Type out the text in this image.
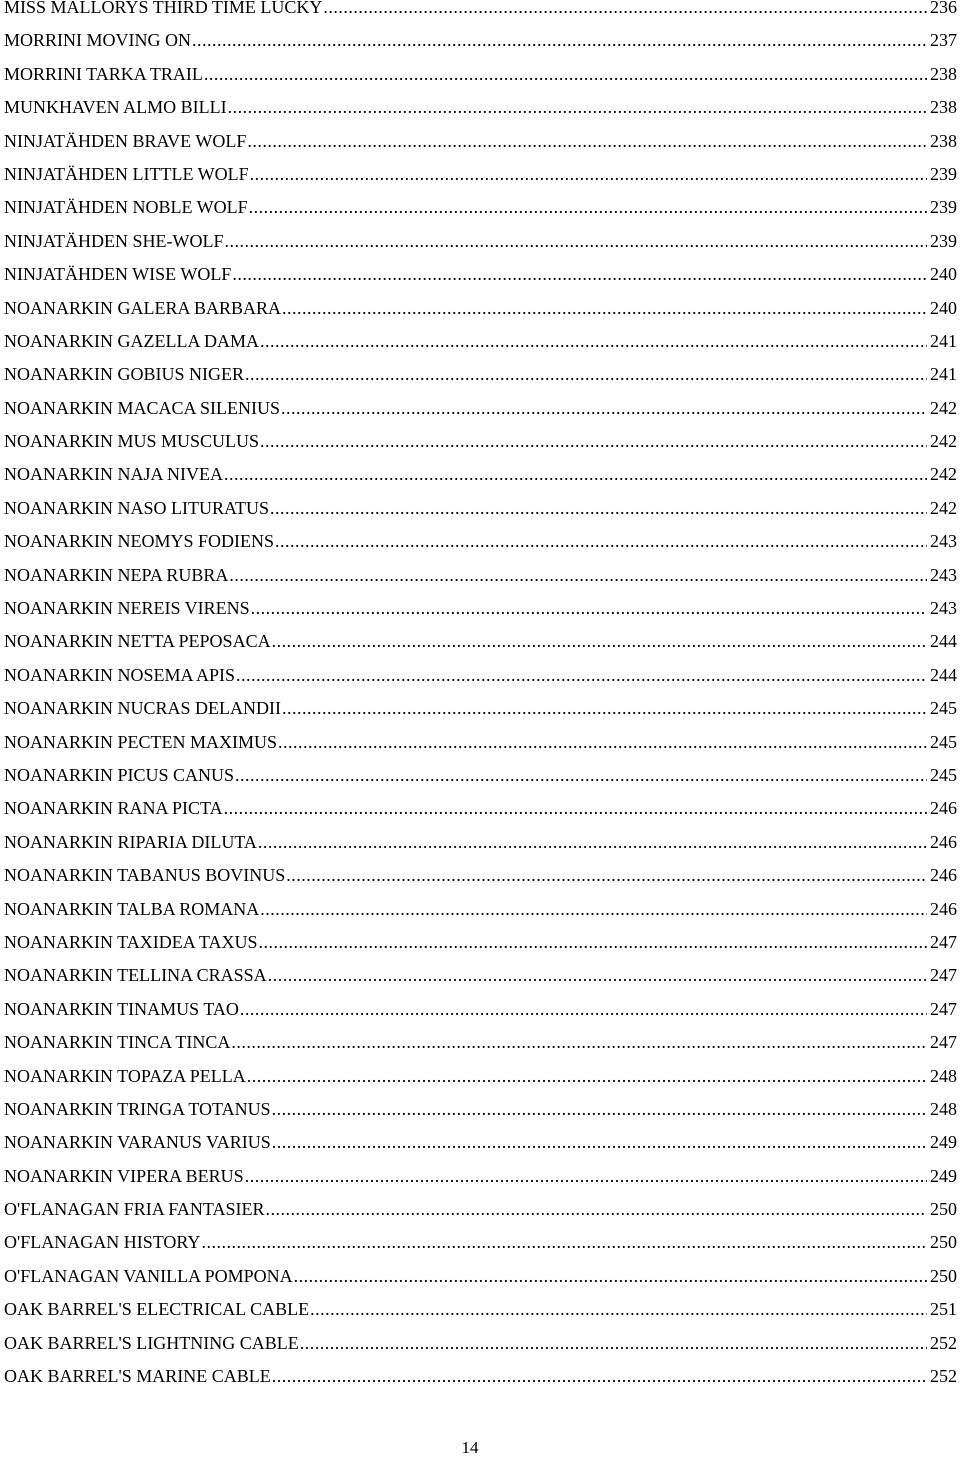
MISS MALLORYS THIRD TIME LUCKY .....	236
MORRINI MOVING ON .....	237
MORRINI TARKA TRAIL .....	238
MUNKHAVEN ALMO BILLI .....	238
NINJATÄHDEN BRAVE WOLF .....	238
NINJATÄHDEN LITTLE WOLF .....	239
NINJATÄHDEN NOBLE WOLF .....	239
NINJATÄHDEN SHE-WOLF .....	239
NINJATÄHDEN WISE WOLF .....	240
NOANARKIN GALERA BARBARA .....	240
NOANARKIN GAZELLA DAMA .....	241
NOANARKIN GOBIUS NIGER .....	241
NOANARKIN MACACA SILENIUS .....	242
NOANARKIN MUS MUSCULUS .....	242
NOANARKIN NAJA NIVEA .....	242
NOANARKIN NASO LITURATUS .....	242
NOANARKIN NEOMYS FODIENS .....	243
NOANARKIN NEPA RUBRA .....	243
NOANARKIN NEREIS VIRENS .....	243
NOANARKIN NETTA PEPOSACA .....	244
NOANARKIN NOSEMA APIS .....	244
NOANARKIN NUCRAS DELANDII .....	245
NOANARKIN PECTEN MAXIMUS .....	245
NOANARKIN PICUS CANUS .....	245
NOANARKIN RANA PICTA .....	246
NOANARKIN RIPARIA DILUTA .....	246
NOANARKIN TABANUS BOVINUS .....	246
NOANARKIN TALBA ROMANA .....	246
NOANARKIN TAXIDEA TAXUS .....	247
NOANARKIN TELLINA CRASSA .....	247
NOANARKIN TINAMUS TAO .....	247
NOANARKIN TINCA TINCA .....	247
NOANARKIN TOPAZA PELLA .....	248
NOANARKIN TRINGA TOTANUS .....	248
NOANARKIN VARANUS VARIUS .....	249
NOANARKIN VIPERA BERUS .....	249
O'FLANAGAN FRIA FANTASIER .....	250
O'FLANAGAN HISTORY .....	250
O'FLANAGAN VANILLA POMPONA .....	250
OAK BARREL'S ELECTRICAL CABLE .....	251
OAK BARREL'S LIGHTNING CABLE .....	252
OAK BARREL'S MARINE CABLE .....	252
14
